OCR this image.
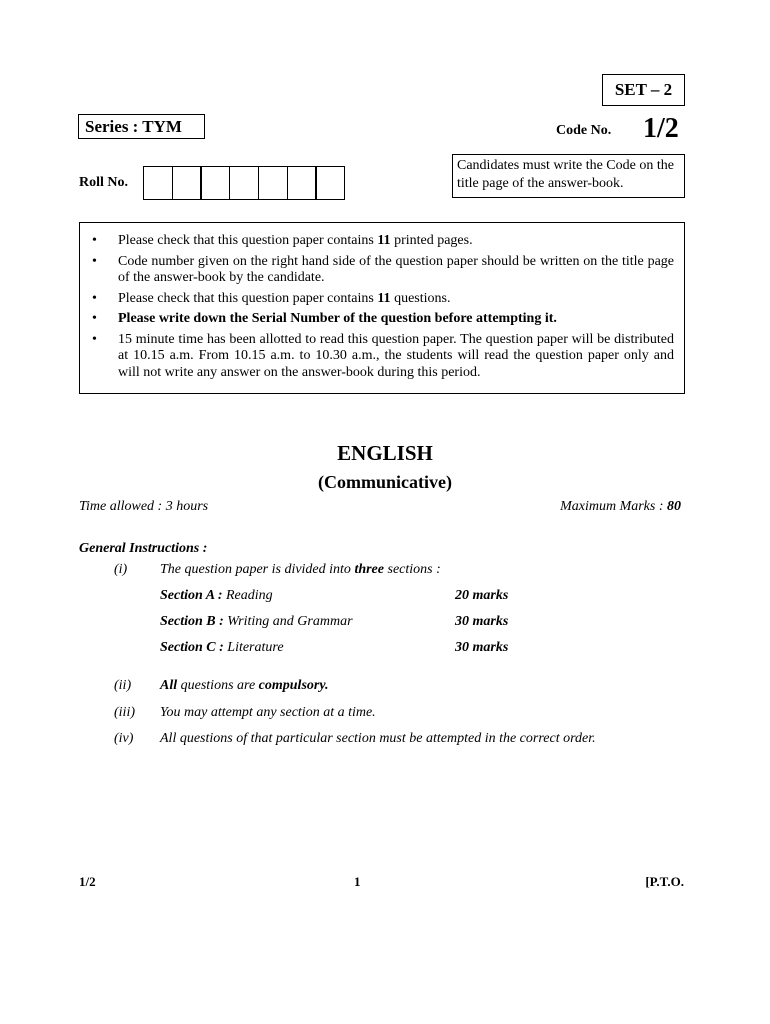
SET – 2
Series : TYM	Code No. 1/2
Candidates must write the Code on the title page of the answer-book.
Roll No.
• Please check that this question paper contains 11 printed pages.
• Code number given on the right hand side of the question paper should be written on the title page of the answer-book by the candidate.
• Please check that this question paper contains 11 questions.
• Please write down the Serial Number of the question before attempting it.
• 15 minute time has been allotted to read this question paper. The question paper will be distributed at 10.15 a.m. From 10.15 a.m. to 10.30 a.m., the students will read the question paper only and will not write any answer on the answer-book during this period.
ENGLISH
(Communicative)
Time allowed : 3 hours	Maximum Marks : 80
General Instructions :
(i) The question paper is divided into three sections :
Section A : Reading	20 marks
Section B : Writing and Grammar	30 marks
Section C : Literature	30 marks
(ii) All questions are compulsory.
(iii) You may attempt any section at a time.
(iv) All questions of that particular section must be attempted in the correct order.
1/2	1	[P.T.O.
